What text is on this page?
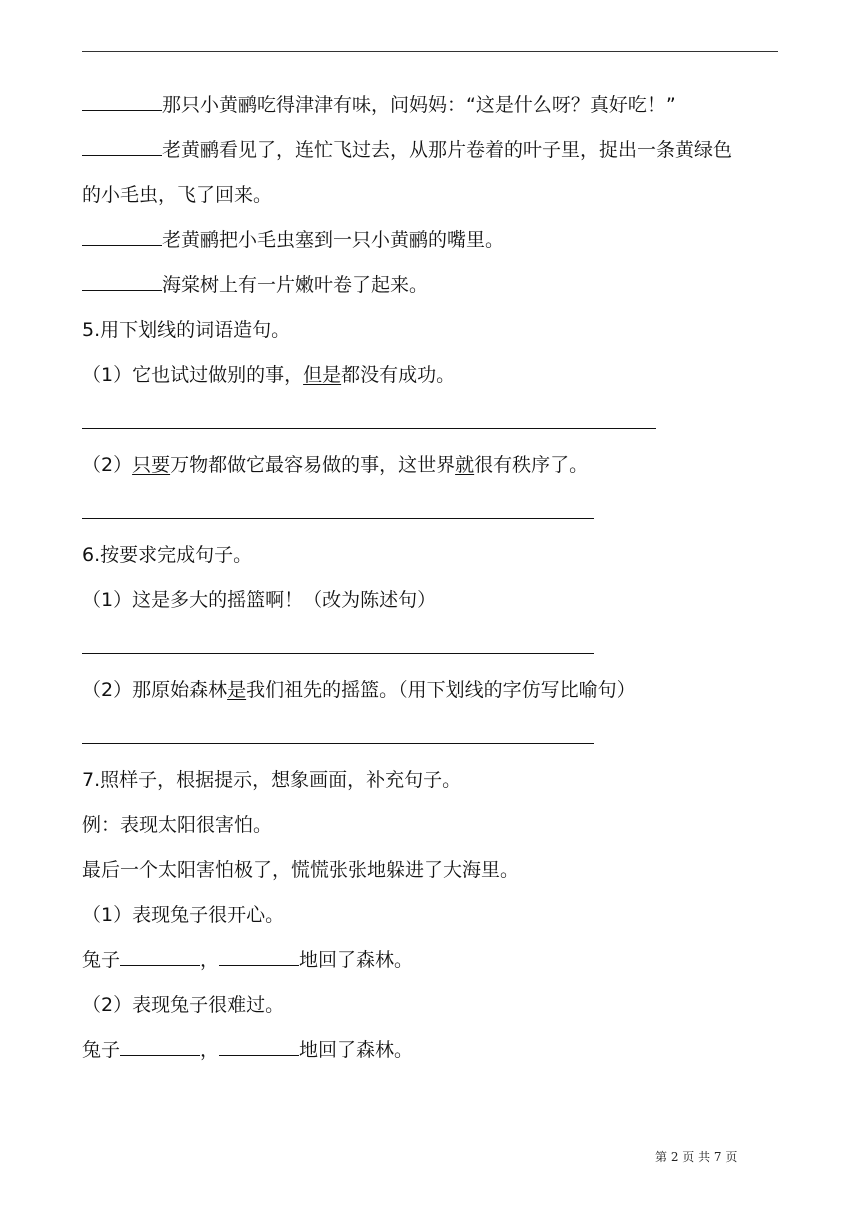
那只小黄鹂吃得津津有味，问妈妈：“这是什么呀？真好吃！”
老黄鹂看见了，连忙飞过去，从那片卷着的叶子里，捉出一条黄绿色
的小毛虫，飞了回来。
老黄鹂把小毛虫塞到一只小黄鹂的嘴里。
海棠树上有一片嫩叶卷了起来。
5.用下划线的词语造句。
（1）它也试过做别的事，但是都没有成功。
（2）只要万物都做它最容易做的事，这世界就很有秩序了。
6.按要求完成句子。
（1）这是多大的摇篮啊！（改为陈述句）
（2）那原始森林是我们祖先的摇篮。（用下划线的字仿写比喻句）
7.照样子，根据提示，想象画面，补充句子。
例：表现太阳很害怕。
最后一个太阳害怕极了，慌慌张张地躲进了大海里。
（1）表现兔子很开心。
兔子	，	地回了森林。
（2）表现兔子很难过。
兔子	，	地回了森林。
第 2 页 共 7 页
